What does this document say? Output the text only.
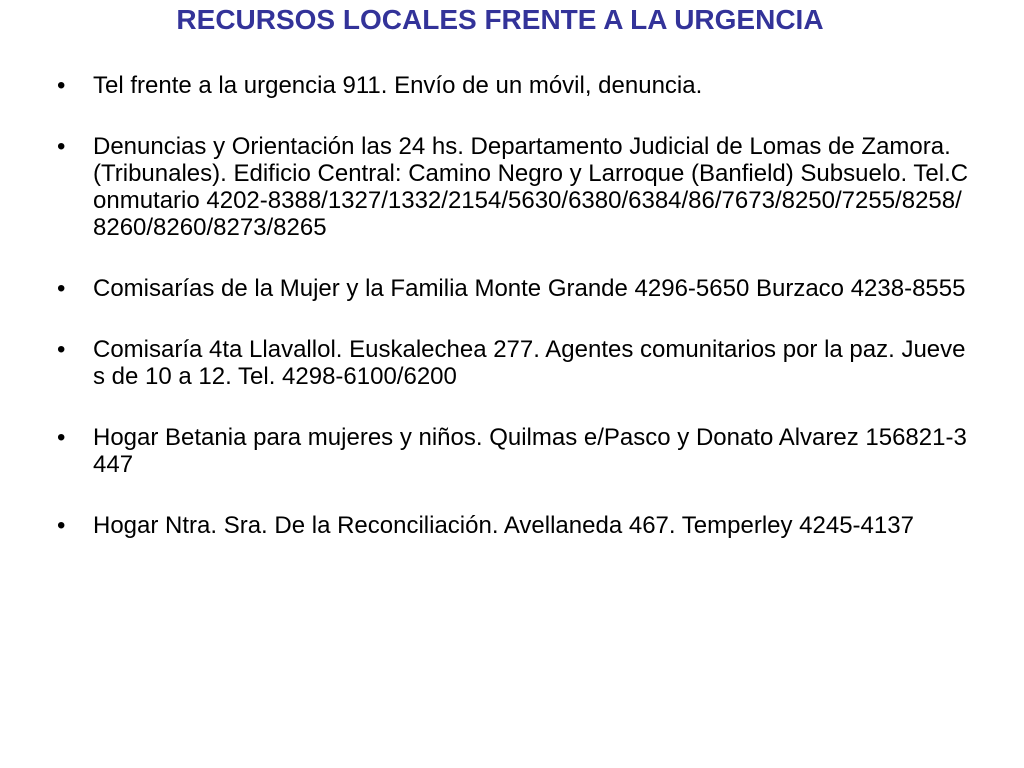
RECURSOS LOCALES FRENTE A LA URGENCIA
• Tel frente a la urgencia 911. Envío de un móvil, denuncia.
• Denuncias y Orientación las 24 hs. Departamento Judicial de Lomas de Zamora. (Tribunales). Edificio Central: Camino Negro y Larroque (Banfield) Subsuelo. Tel.Conmutario 4202-8388/1327/1332/2154/5630/6380/6384/86/7673/8250/7255/8258/8260/8260/8273/8265
• Comisarías de la Mujer y la Familia Monte Grande 4296-5650 Burzaco 4238-8555
• Comisaría 4ta Llavallol. Euskalechea 277. Agentes comunitarios por la paz. Jueves de 10 a 12. Tel. 4298-6100/6200
• Hogar Betania para mujeres y niños. Quilmas e/Pasco y Donato Alvarez 156821-3447
• Hogar Ntra. Sra. De la Reconciliación. Avellaneda 467. Temperley 4245-4137
